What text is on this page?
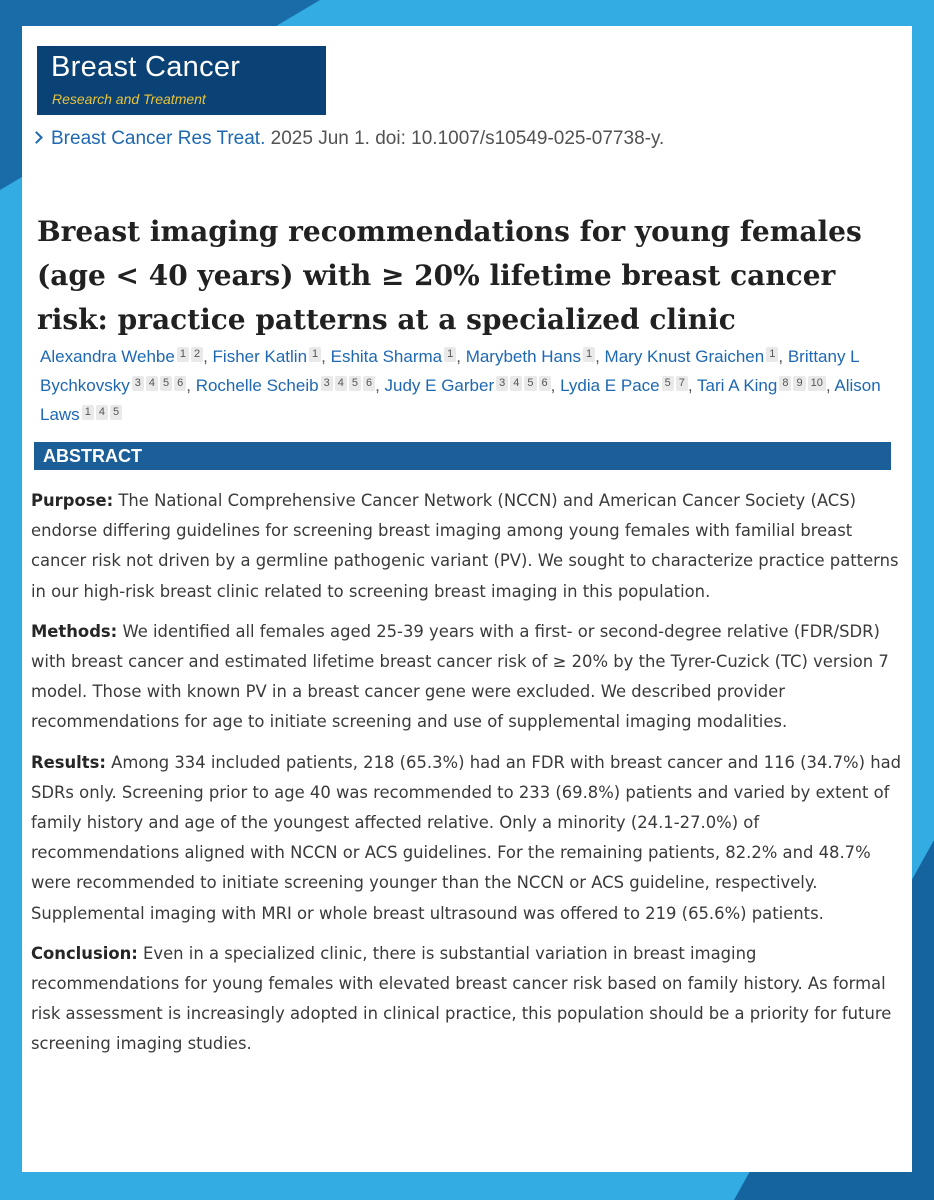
Breast Cancer
Research and Treatment
Breast Cancer Res Treat. 2025 Jun 1. doi: 10.1007/s10549-025-07738-y.
Breast imaging recommendations for young females (age < 40 years) with ≥ 20% lifetime breast cancer risk: practice patterns at a specialized clinic
Alexandra Wehbe 1 2 , Fisher Katlin 1 , Eshita Sharma 1 , Marybeth Hans 1 , Mary Knust Graichen 1 , Brittany L Bychkovsky 3 4 5 6 , Rochelle Scheib 3 4 5 6 , Judy E Garber 3 4 5 6 , Lydia E Pace 5 7 , Tari A King 8 9 10 , Alison Laws 1 4 5
ABSTRACT

Purpose: The National Comprehensive Cancer Network (NCCN) and American Cancer Society (ACS) endorse differing guidelines for screening breast imaging among young females with familial breast cancer risk not driven by a germline pathogenic variant (PV). We sought to characterize practice patterns in our high-risk breast clinic related to screening breast imaging in this population.

Methods: We identified all females aged 25-39 years with a first- or second-degree relative (FDR/SDR) with breast cancer and estimated lifetime breast cancer risk of ≥ 20% by the Tyrer-Cuzick (TC) version 7 model. Those with known PV in a breast cancer gene were excluded. We described provider recommendations for age to initiate screening and use of supplemental imaging modalities.

Results: Among 334 included patients, 218 (65.3%) had an FDR with breast cancer and 116 (34.7%) had SDRs only. Screening prior to age 40 was recommended to 233 (69.8%) patients and varied by extent of family history and age of the youngest affected relative. Only a minority (24.1-27.0%) of recommendations aligned with NCCN or ACS guidelines. For the remaining patients, 82.2% and 48.7% were recommended to initiate screening younger than the NCCN or ACS guideline, respectively. Supplemental imaging with MRI or whole breast ultrasound was offered to 219 (65.6%) patients.

Conclusion: Even in a specialized clinic, there is substantial variation in breast imaging recommendations for young females with elevated breast cancer risk based on family history. As formal risk assessment is increasingly adopted in clinical practice, this population should be a priority for future screening imaging studies.
